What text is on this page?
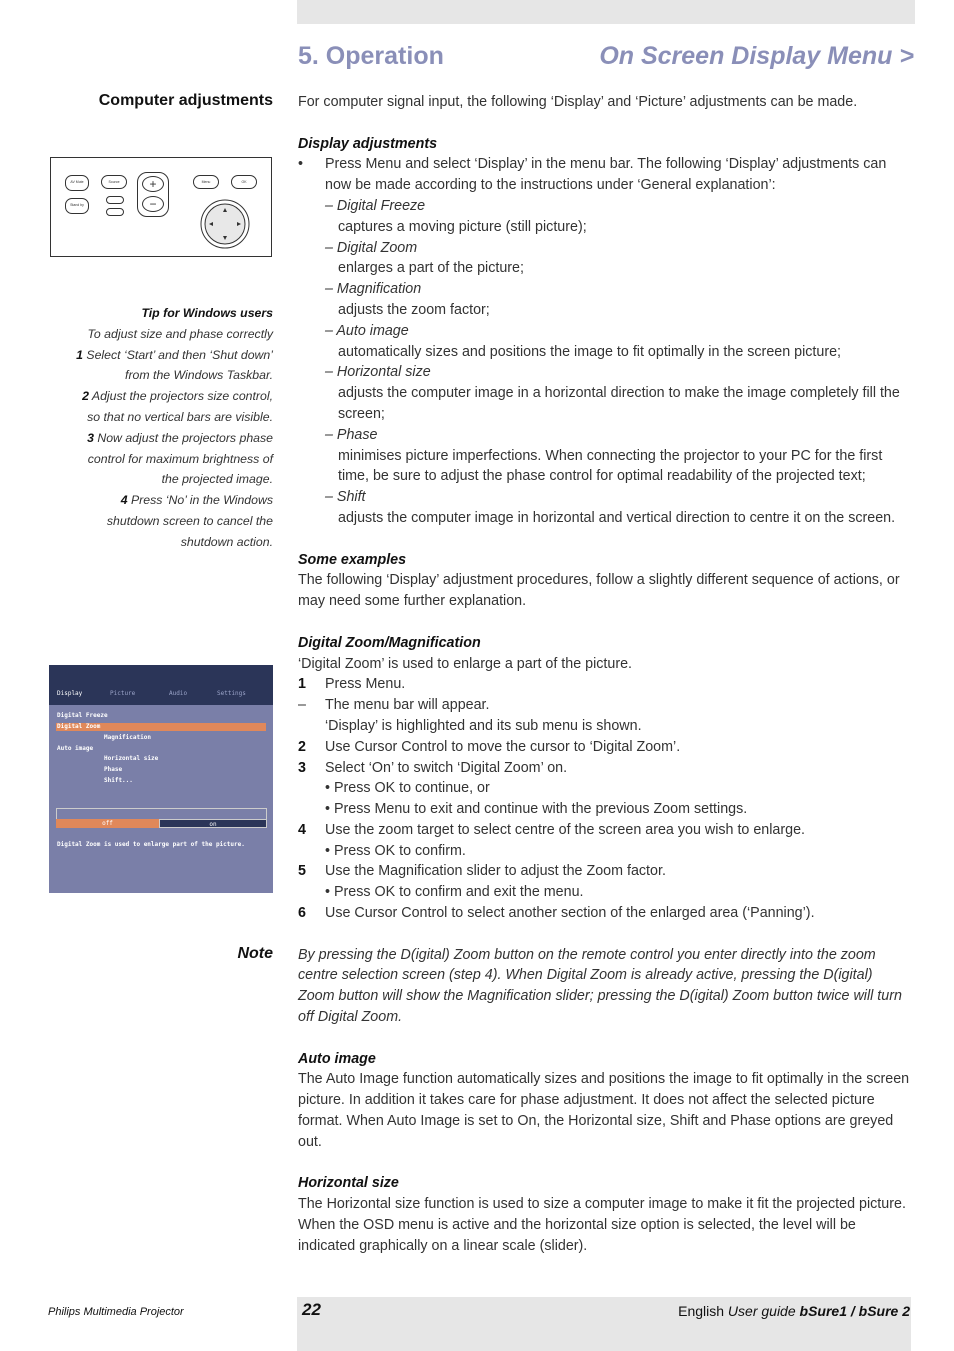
5. Operation	On Screen Display Menu >
Computer adjustments
AV Mute	Source
Stand by
+
−
Menu	OK
Tip for Windows users
To adjust size and phase correctly
1 Select ‘Start’ and then ‘Shut down’ from the Windows Taskbar.
2 Adjust the projectors size control, so that no vertical bars are visible.
3 Now adjust the projectors phase control for maximum brightness of the projected image.
4 Press ‘No’ in the Windows shutdown screen to cancel the shutdown action.
Display	Picture	Audio	Settings
Digital Freeze
Digital Zoom
Magnification
Auto image
Horizontal size
Phase
Shift...
off	on
Digital Zoom is used to enlarge part of the picture.
Note

For computer signal input, the following ‘Display’ and ‘Picture’ adjustments can be made.

Display adjustments

• Press Menu and select ‘Display’ in the menu bar. The following ‘Display’ adjustments can now be made according to the instructions under ‘General explanation’:

– Digital Freeze

captures a moving picture (still picture);

– Digital Zoom

enlarges a part of the picture;

– Magnification

adjusts the zoom factor;

– Auto image

automatically sizes and positions the image to fit optimally in the screen picture;

– Horizontal size

adjusts the computer image in a horizontal direction to make the image completely fill the screen;

– Phase

minimises picture imperfections. When connecting the projector to your PC for the first time, be sure to adjust the phase control for optimal readability of the projected text;

– Shift

adjusts the computer image in horizontal and vertical direction to centre it on the screen.

Some examples

The following ‘Display’ adjustment procedures, follow a slightly different sequence of actions, or may need some further explanation.

Digital Zoom/Magnification

‘Digital Zoom’ is used to enlarge a part of the picture.

1 Press Menu.
– The menu bar will appear.

‘Display’ is highlighted and its sub menu is shown.

2 Use Cursor Control to move the cursor to ‘Digital Zoom’.
3 Select ‘On’ to switch ‘Digital Zoom’ on.

• Press OK to continue, or

• Press Menu to exit and continue with the previous Zoom settings.

4 Use the zoom target to select centre of the screen area you wish to enlarge.

• Press OK to confirm.

5 Use the Magnification slider to adjust the Zoom factor.

• Press OK to confirm and exit the menu.

6 Use Cursor Control to select another section of the enlarged area (‘Panning’).

By pressing the D(igital) Zoom button on the remote control you enter directly into the zoom centre selection screen (step 4). When Digital Zoom is already active, pressing the D(igital) Zoom button will show the Magnification slider; pressing the D(igital) Zoom button twice will turn off Digital Zoom.

Auto image

The Auto Image function automatically sizes and positions the image to fit optimally in the screen picture. In addition it takes care for phase adjustment. It does not affect the selected picture format. When Auto Image is set to On, the Horizontal size, Shift and Phase options are greyed out.

Horizontal size

The Horizontal size function is used to size a computer image to make it fit the projected picture. When the OSD menu is active and the horizontal size option is selected, the level will be indicated graphically on a linear scale (slider).

Philips Multimedia Projector	22	English User guide bSure1 / bSure 2
